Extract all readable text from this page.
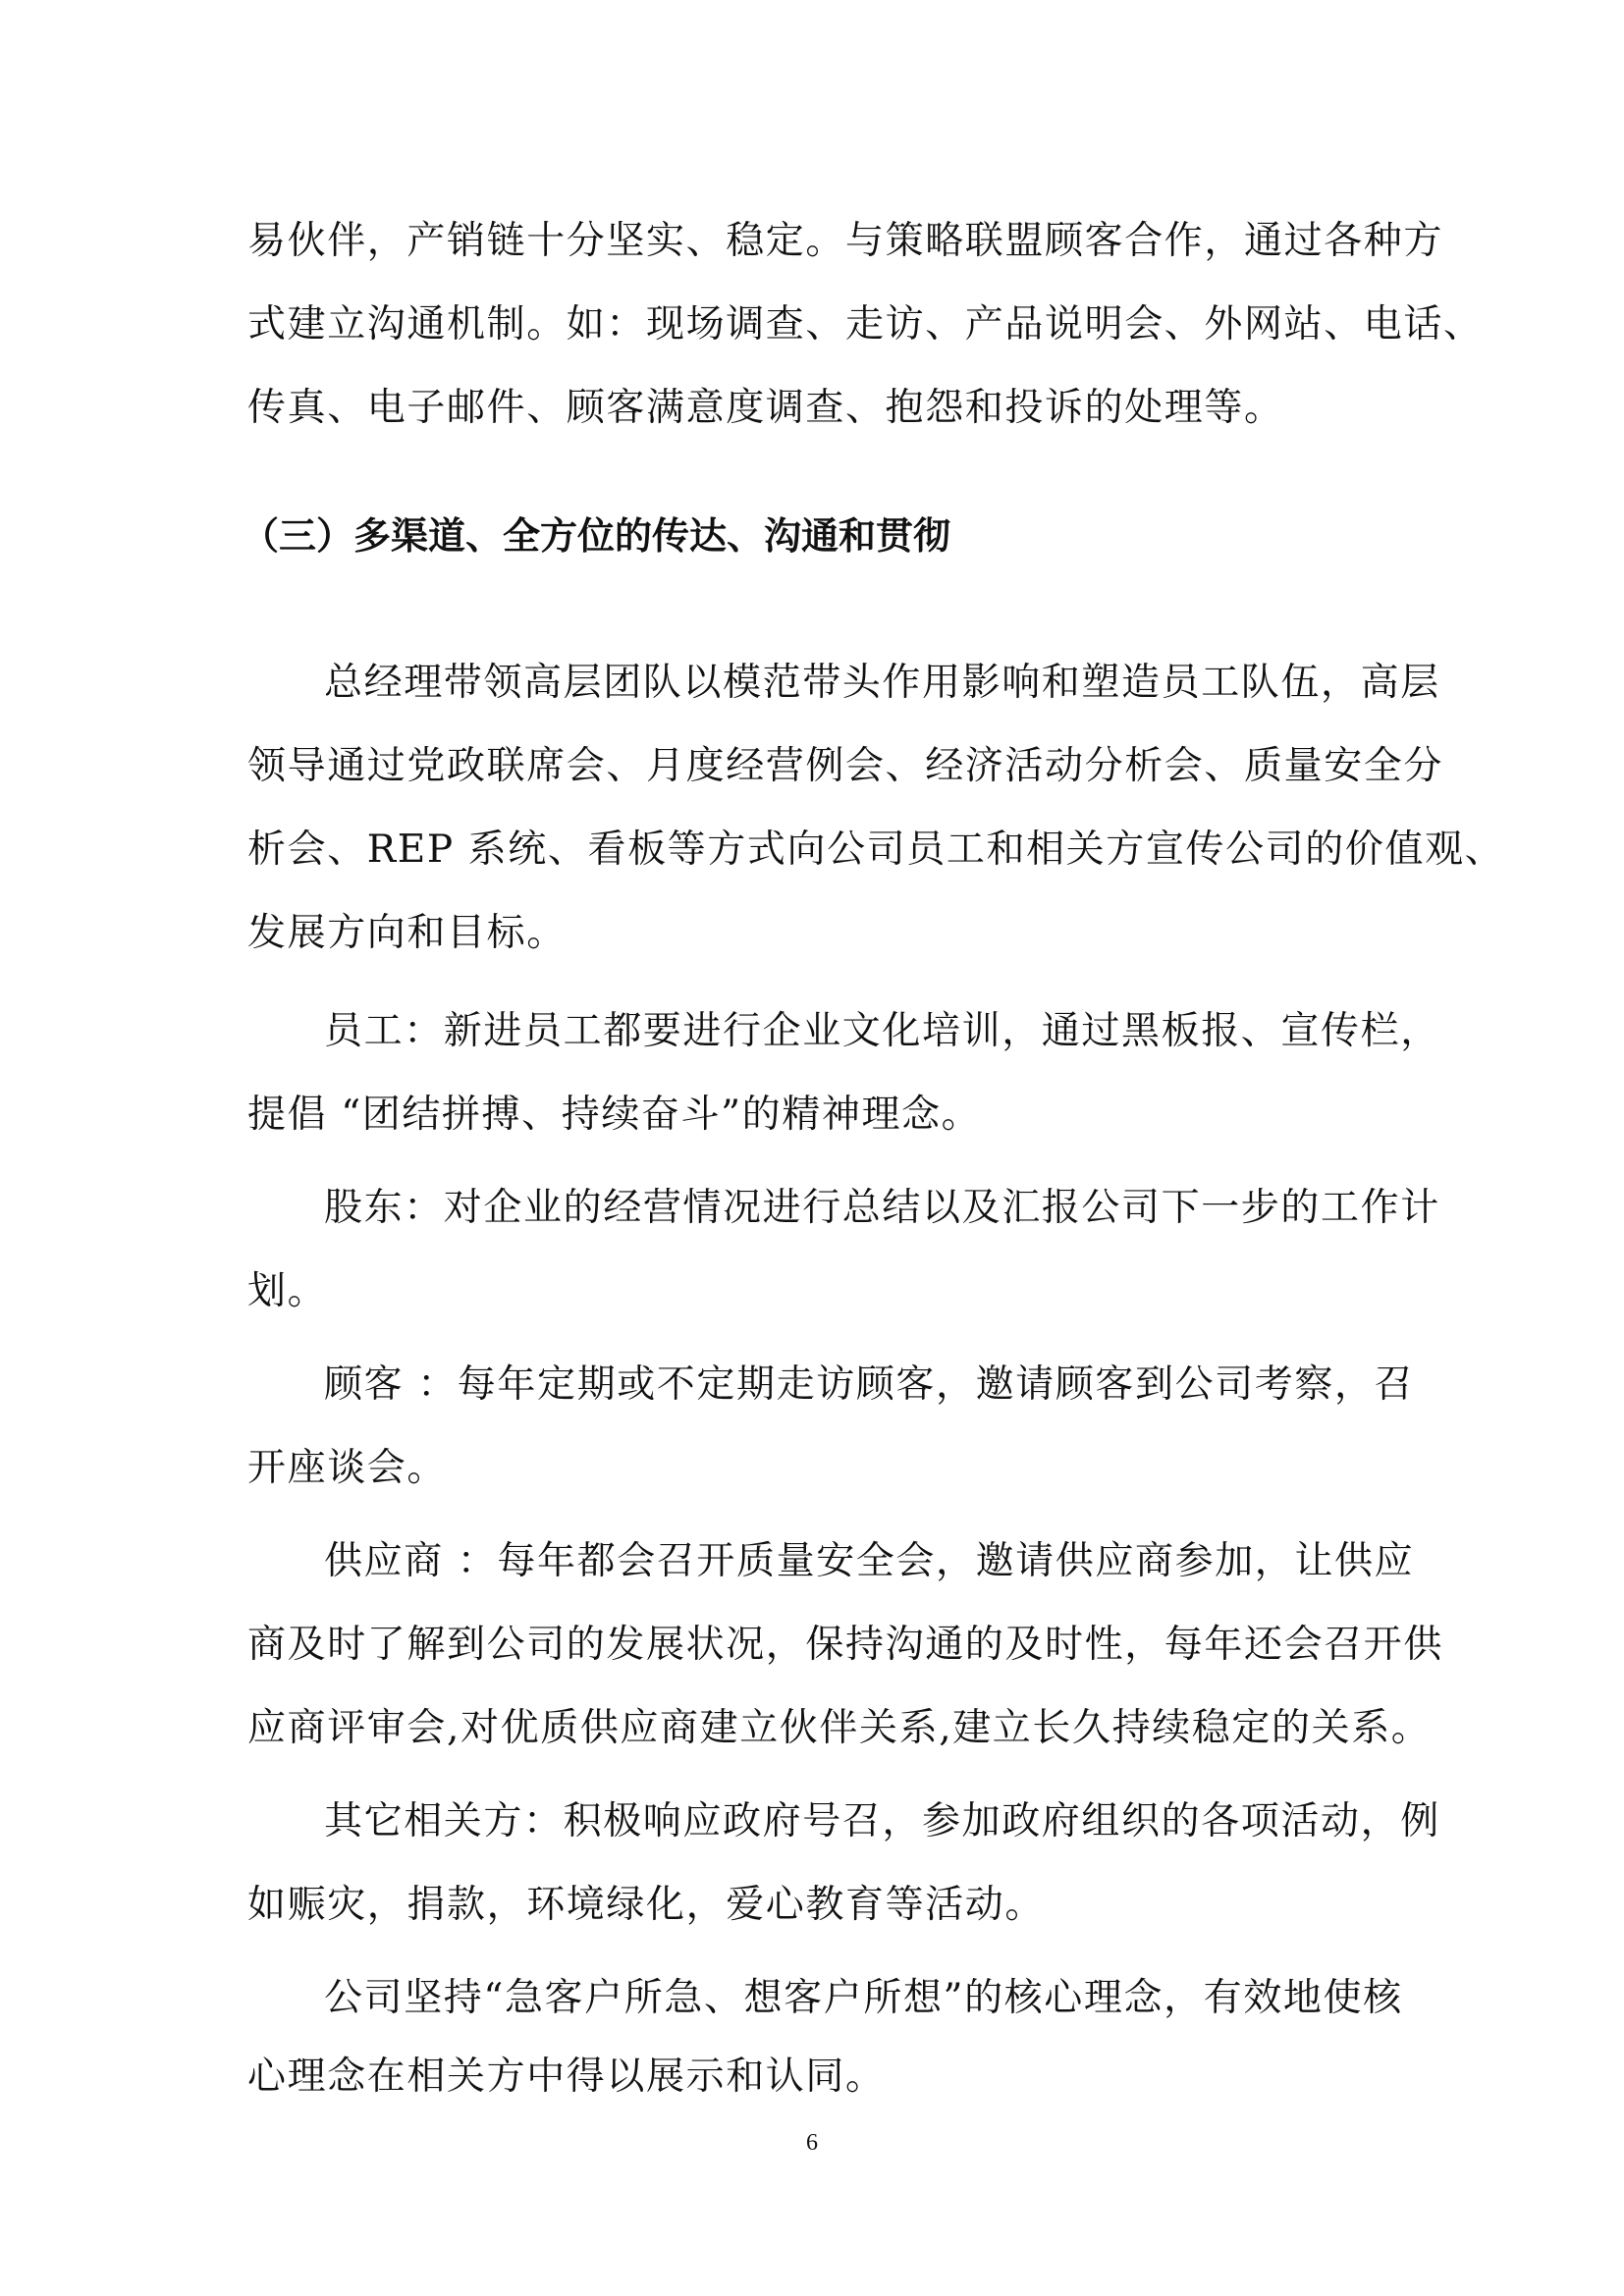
易伙伴，产销链十分坚实、稳定。与策略联盟顾客合作，通过各种方
式建立沟通机制。如：现场调查、走访、产品说明会、外网站、电话、
传真、电子邮件、顾客满意度调查、抱怨和投诉的处理等。
（三）多渠道、全方位的传达、沟通和贯彻
总经理带领高层团队以模范带头作用影响和塑造员工队伍，高层
领导通过党政联席会、月度经营例会、经济活动分析会、质量安全分
析会、REP 系统、看板等方式向公司员工和相关方宣传公司的价值观、
发展方向和目标。
员工：新进员工都要进行企业文化培训，通过黑板报、宣传栏，
提倡 “团结拼搏、持续奋斗”的精神理念。
股东：对企业的经营情况进行总结以及汇报公司下一步的工作计
划。
顾客 ：每年定期或不定期走访顾客，邀请顾客到公司考察，召
开座谈会。
供应商 ：每年都会召开质量安全会，邀请供应商参加，让供应
商及时了解到公司的发展状况，保持沟通的及时性，每年还会召开供
应商评审会,对优质供应商建立伙伴关系,建立长久持续稳定的关系。
其它相关方：积极响应政府号召，参加政府组织的各项活动，例
如赈灾，捐款，环境绿化，爱心教育等活动。
公司坚持“急客户所急、想客户所想”的核心理念，有效地使核
心理念在相关方中得以展示和认同。
6
